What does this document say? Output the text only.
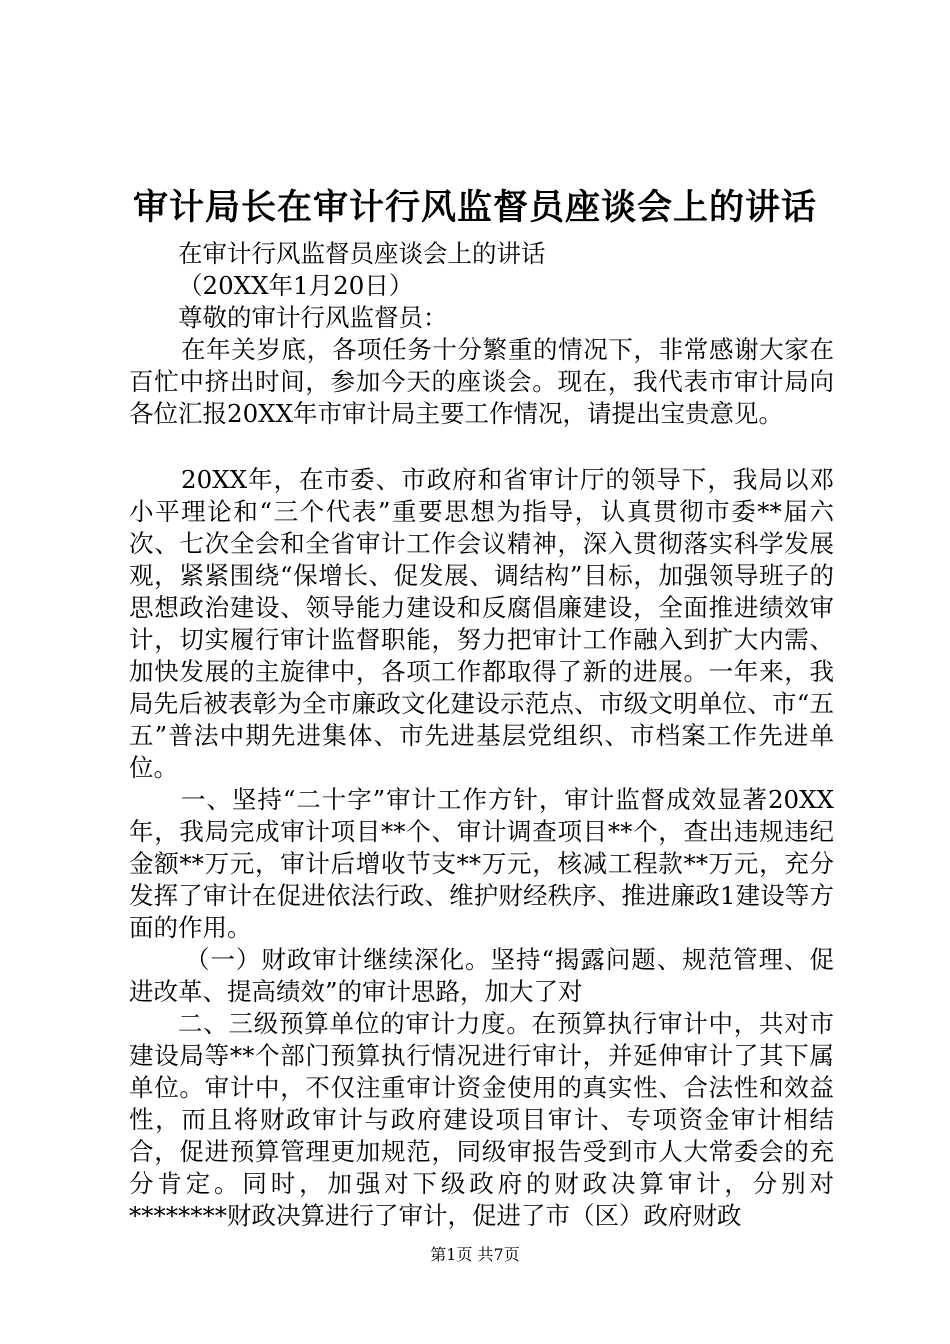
审计局长在审计行风监督员座谈会上的讲话

在审计行风监督员座谈会上的讲话

（20XX年1月20日）

尊敬的审计行风监督员：

在年关岁底，各项任务十分繁重的情况下，非常感谢大家在百忙中挤出时间，参加今天的座谈会。现在，我代表市审计局向各位汇报20XX年市审计局主要工作情况，请提出宝贵意见。

20XX年，在市委、市政府和省审计厅的领导下，我局以邓小平理论和“三个代表”重要思想为指导，认真贯彻市委**届六次、七次全会和全省审计工作会议精神，深入贯彻落实科学发展观，紧紧围绕“保增长、促发展、调结构”目标，加强领导班子的思想政治建设、领导能力建设和反腐倡廉建设，全面推进绩效审计，切实履行审计监督职能，努力把审计工作融入到扩大内需、加快发展的主旋律中，各项工作都取得了新的进展。一年来，我局先后被表彰为全市廉政文化建设示范点、市级文明单位、市“五五”普法中期先进集体、市先进基层党组织、市档案工作先进单位。

一、坚持“二十字”审计工作方针，审计监督成效显著20XX年，我局完成审计项目**个、审计调查项目**个，查出违规违纪金额**万元，审计后增收节支**万元，核减工程款**万元，充分发挥了审计在促进依法行政、维护财经秩序、推进廉政1建设等方面的作用。

（一）财政审计继续深化。坚持“揭露问题、规范管理、促进改革、提高绩效”的审计思路，加大了对

二、三级预算单位的审计力度。在预算执行审计中，共对市建设局等**个部门预算执行情况进行审计，并延伸审计了其下属单位。审计中，不仅注重审计资金使用的真实性、合法性和效益性，而且将财政审计与政府建设项目审计、专项资金审计相结合，促进预算管理更加规范，同级审报告受到市人大常委会的充分肯定。同时，加强对下级政府的财政决算审计，分别对********财政决算进行了审计，促进了市（区）政府财政

第1页 共7页
